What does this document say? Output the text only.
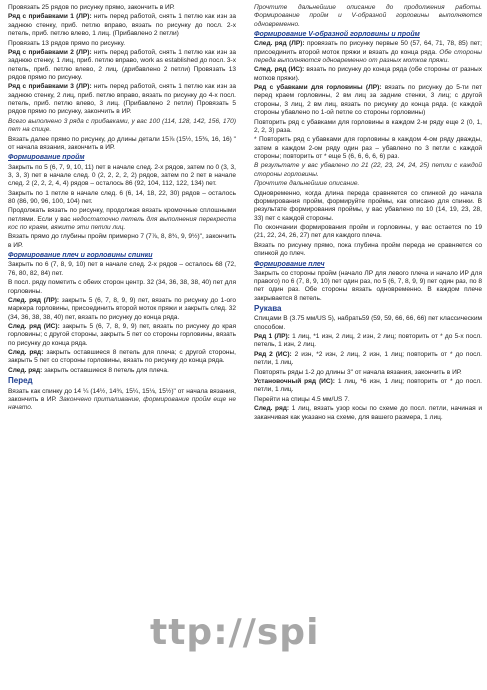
Провязать 25 рядов по рисунку прямо, закончить в ИР.

Ряд с прибавками 1 (ЛР): нить перед работой, снять 1 петлю как изн за заднюю стенку, приб. петлю вправо, вязать по рисунку до посл. 2-х петель, приб. петлю влево, 1 лиц. (Прибавлено 2 петли)

Провязать 13 рядов прямо по рисунку.

Ряд с прибавками 2 (ЛР): нить перед работой, снять 1 петлю как изн за заднюю стенку, 1 лиц, приб. петлю вправо, work as established до посл. 3-х петель, приб. петлю влево, 2 лиц. (дрибавлено 2 петли) Провязать 13 рядов прямо по рисунку.

Ряд с прибавками 3 (ЛР): нить перед работой, снять 1 петлю как изн за заднюю стенку, 2 лиц, приб. петлю вправо, вязать по рисунку до 4-х посл. петель, приб. петлю влево, 3 лиц. (Прибавлено 2 петли) Провязать 5 рядов прямо по рисунку, закончить в ИР.

Всего выполнено 3 ряда с прибавками, у вас 100 (114, 128, 142, 156, 170) пет на спице.

Вязать далее прямо по рисунку, до длины детали 15⅞ (15½, 15⅜, 16, 16) " от начала вязания, закончить в ИР.

Формирование пройм

Закрыть по 5 (6, 7, 9, 10, 11) пет в начале след. 2-х рядов, затем по 0 (3, 3, 3, 3, 3) пет в начале след. 0 (2, 2, 2, 2, 2) рядов, затем по 2 пет в начале след. 2 (2, 2, 2, 4, 4) рядов – осталось 86 (92, 104, 112, 122, 134) пет.

Закрыть по 1 петле в начале след. 6 (6, 14, 18, 22, 30) рядов – осталось 80 (86, 90, 96, 100, 104) пет.

Продолжать вязать по рисунку, продолжая вязать кромочные сплошными петлями. Если у вас недостаточно петель для выполнения перекреста кос по краям, вяжите эти петли лиц.

Вязать прямо до глубины пройм примерно 7 (7⅞, 8, 8¾, 9, 9½)", закончить в ИР.

Формирование плеч и горловины спинки

Закрыть по 6 (7, 8, 9, 10) пет в начале след. 2-х рядов – осталось 68 (72, 76, 80, 82, 84) пет.

В посл. ряду пометить с обеих сторон центр. 32 (34, 36, 38, 38, 40) пет для горловины.

След. ряд (ЛР): закрыть 5 (6, 7, 8, 9, 9) пет, вязать по рисунку до 1-ого маркера горловины, присоединить второй моток пряжи и закрыть след. 32 (34, 36, 38, 38, 40) пет, вязать по рисунку до конца ряда.

След. ряд (ИС): закрыть 5 (6, 7, 8, 9, 9) пет, вязать по рисунку до края горловины; с другой стороны, закрыть 5 пет со стороны горловины, вязать по рисунку до конца ряда.

След. ряд: закрыть оставшиеся 8 петель для плеча; с другой стороны, закрыть 5 пет со стороны горловины, вязать по рисунку до конца ряда.

След. ряд: закрыть оставшиеся 8 петель для плеча.

Перед

Вязать как спинку до 14 ¼ (14½, 14¾, 15¼, 15⅛, 15½)" от начала вязания, закончить в ИР. Закончено приталивание, формирование пройм еще не начато.

Прочтите дальнейшие описание до продолжения работы. Формирование пройм и V-образной горловины выполняются одновременно.

Формирование V-образной горловины и пройм

След. ряд (ЛР): провязать по рисунку первые 50 (57, 64, 71, 78, 85) пет; присоединить второй моток пряжи и вязать до конца ряда. Обе стороны переда выполняются одновременно от разных мотков пряжи.

След. ряд (ИС): вязать по рисунку до конца ряда (обе стороны от разных мотков пряжи).

Ряд с убавками для горловины (ЛР): вязать по рисунку до 5-ти пет перед краем горловины, 2 вм лиц за задние стенки, 3 лиц; с другой стороны, 3 лиц, 2 вм лиц, вязать по рисунку до конца ряда. (с каждой стороны убавлено по 1-ой петле со стороны горловины)

Повторить ряд с убавками для горловины в каждом 2-м ряду еще 2 (0, 1, 2, 2, 3) раза.

* Повторить ряд с убавками для горловины в каждом 4-ом ряду дважды, затем в каждом 2-ом ряду один раз – убавлено по 3 петли с каждой стороны; повторить от * еще 5 (6, 6, 6, 6, 6) раз.

В результате у вас убавлено по 21 (22, 23, 24, 24, 25) петли с каждой стороны горловины.

Прочтите дальнейшие описание.

Одновременно, когда длина переда сравняется со спинкой до начала формирования пройм, формируйте проймы, как описано для спинки. В результате формирования проймы, у вас убавлено по 10 (14, 19, 23, 28, 33) пет с каждой стороны.

По окончании формирования пройм и горловины, у вас остается по 19 (21, 22, 24, 26, 27) пет для каждого плеча.

Вязать по рисунку прямо, пока глубина пройм переда не сравняется со спинкой до плеч.

Формирование плеч

Закрыть со стороны пройм (начало ЛР для левого плеча и начало ИР для правого) по 6 (7, 8, 9, 10) пет один раз, по 5 (6, 7, 8, 9, 9) пет один раз, по 8 пет один раз. Обе стороны вязать одновременно. В каждом плече закрывается 8 петель.

Рукава

Спицами В (3.75 мм/US 5), набрать59 (59, 59, 66, 66, 66) пет классическим способом.

Ряд 1 (ЛР): 1 лиц, *1 изн, 2 лиц, 2 изн, 2 лиц; повторить от * до 5-х посл. петель, 1 изн, 2 лиц.

Ряд 2 (ИС): 2 изн, *2 изн, 2 лиц, 2 изн, 1 лиц; повторить от * до посл. петли, 1 лиц.

Повторять ряды 1-2 до длины 3" от начала вязания, закончить в ИР.

Установочный ряд (ИС): 1 лиц, *6 изн, 1 лиц; повторить от * до посл. петли, 1 лиц.

Перейти на спицы 4.5 мм/US 7.

След. ряд: 1 лиц, вязать узор косы по схеме до посл. петли, начиная и заканчивая как указано на схеме, для вашего размера, 1 лиц.

ttp://spi
